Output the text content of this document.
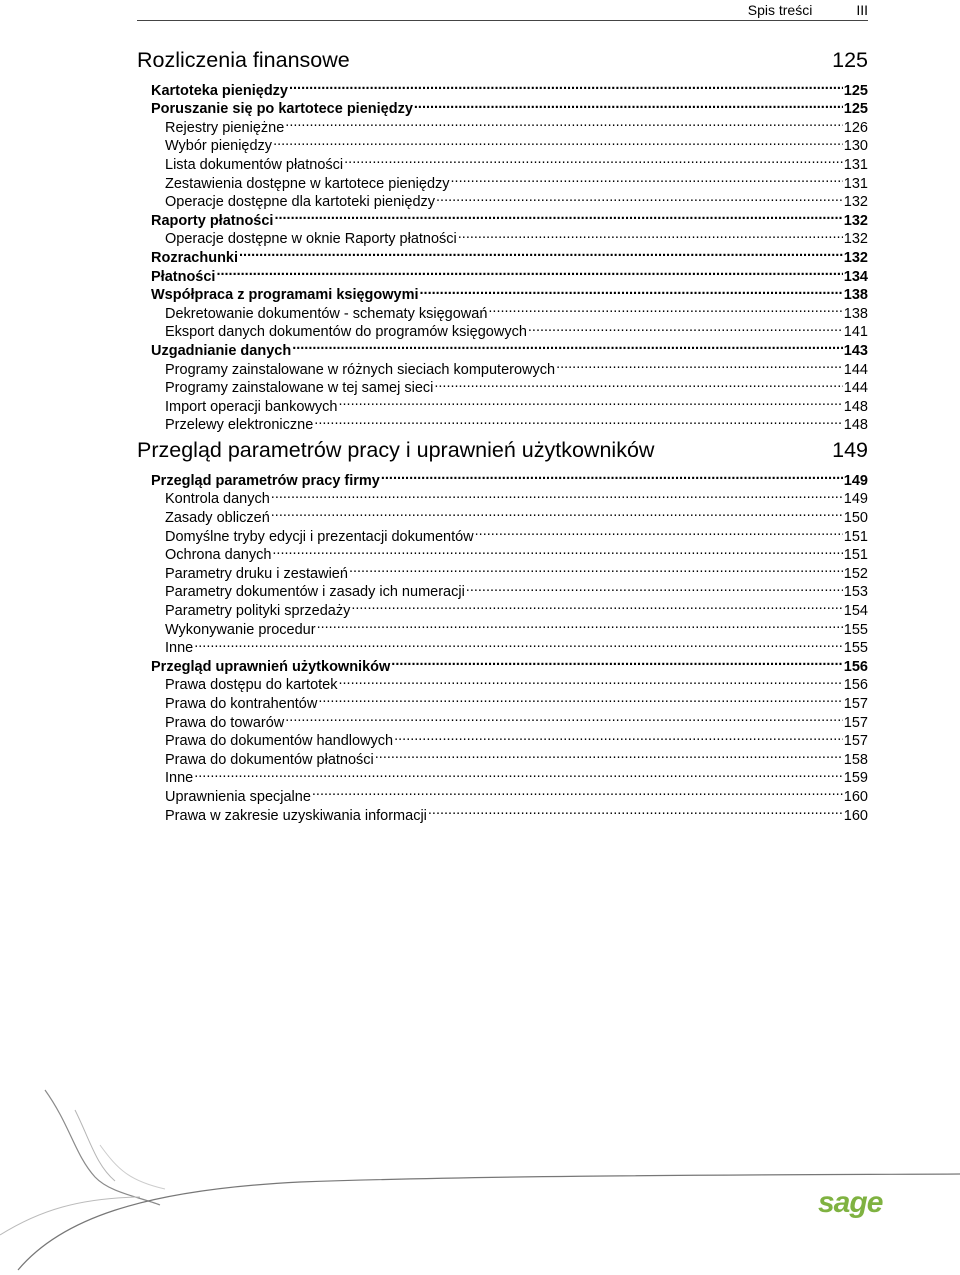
Spis treści	III
Rozliczenia finansowe	125
Kartoteka pieniędzy .....	125
Poruszanie się po kartotece pieniędzy .....	125
Rejestry pieniężne .....	126
Wybór pieniędzy .....	130
Lista dokumentów płatności .....	131
Zestawienia dostępne w kartotece pieniędzy .....	131
Operacje dostępne dla kartoteki pieniędzy .....	132
Raporty płatności .....	132
Operacje dostępne w oknie Raporty płatności .....	132
Rozrachunki .....	132
Płatności .....	134
Współpraca z programami księgowymi .....	138
Dekretowanie dokumentów - schematy księgowań .....	138
Eksport danych dokumentów do programów księgowych .....	141
Uzgadnianie danych .....	143
Programy zainstalowane w różnych sieciach komputerowych .....	144
Programy zainstalowane w tej samej sieci .....	144
Import operacji bankowych .....	148
Przelewy elektroniczne .....	148
Przegląd parametrów pracy i uprawnień użytkowników	149
Przegląd parametrów pracy firmy .....	149
Kontrola danych .....	149
Zasady obliczeń .....	150
Domyślne tryby edycji i prezentacji dokumentów .....	151
Ochrona danych .....	151
Parametry druku i zestawień .....	152
Parametry dokumentów i zasady ich numeracji .....	153
Parametry polityki sprzedaży .....	154
Wykonywanie procedur .....	155
Inne .....	155
Przegląd uprawnień użytkowników .....	156
Prawa dostępu do kartotek .....	156
Prawa do kontrahentów .....	157
Prawa do towarów .....	157
Prawa do dokumentów handlowych .....	157
Prawa do dokumentów płatności .....	158
Inne .....	159
Uprawnienia specjalne .....	160
Prawa w zakresie uzyskiwania informacji .....	160
sage
